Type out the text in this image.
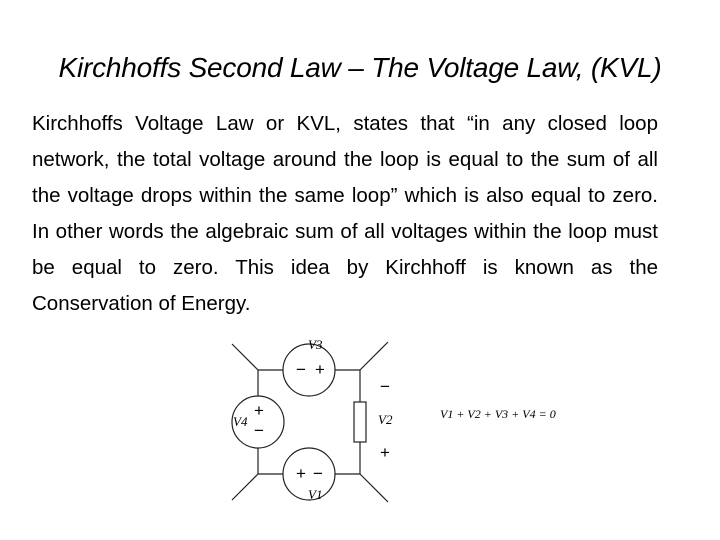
Kirchhoffs Second Law – The Voltage Law, (KVL)

Kirchhoffs Voltage Law or KVL, states that “in any closed loop network, the total voltage around the loop is equal to the sum of all the voltage drops within the same loop” which is also equal to zero. In other words the algebraic sum of all voltages within the loop must be equal to zero. This idea by Kirchhoff is known as the Conservation of Energy.

− +
+
−
+ −
−
+
V3
V2
V4
V1
V1 + V2 + V3 + V4 = 0
